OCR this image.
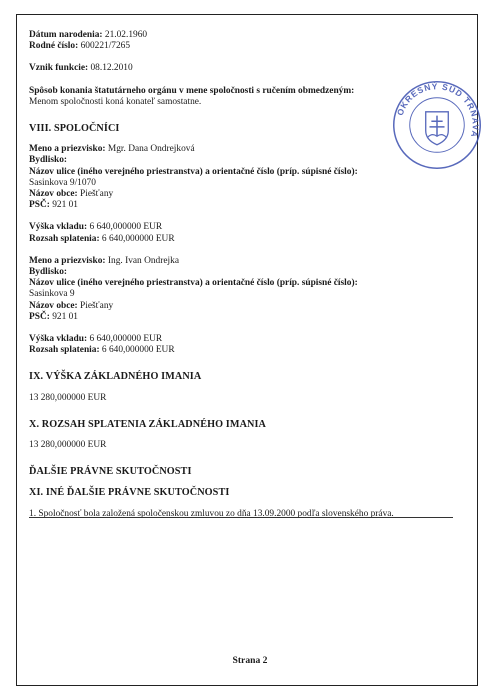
Dátum narodenia: 21.02.1960
Rodné číslo: 600221/7265
Vznik funkcie: 08.12.2010
Spôsob konania štatutárneho orgánu v mene spoločnosti s ručením obmedzeným:
Menom spoločnosti koná konateľ samostatne.
VIII. SPOLOČNÍCI
Meno a priezvisko: Mgr. Dana Ondrejková
Bydlisko:
Názov ulice (iného verejného priestranstva) a orientačné číslo (príp. súpisné číslo):
Sasinkova 9/1070
Názov obce: Piešťany
PSČ: 921 01
Výška vkladu: 6 640,000000 EUR
Rozsah splatenia: 6 640,000000 EUR
Meno a priezvisko: Ing. Ivan Ondrejka
Bydlisko:
Názov ulice (iného verejného priestranstva) a orientačné číslo (príp. súpisné číslo):
Sasinkova 9
Názov obce: Piešťany
PSČ: 921 01
Výška vkladu: 6 640,000000 EUR
Rozsah splatenia: 6 640,000000 EUR
IX. VÝŠKA ZÁKLADNÉHO IMANIA
13 280,000000 EUR
X. ROZSAH SPLATENIA ZÁKLADNÉHO IMANIA
13 280,000000 EUR
ĎALŠIE PRÁVNE SKUTOČNOSTI
XI. INÉ ĎALŠIE PRÁVNE SKUTOČNOSTI
1. Spoločnosť bola založená spoločenskou zmluvou zo dňa 13.09.2000 podľa slovenského práva.
OKRESNÝ SÚD TRNAVA
Strana 2
